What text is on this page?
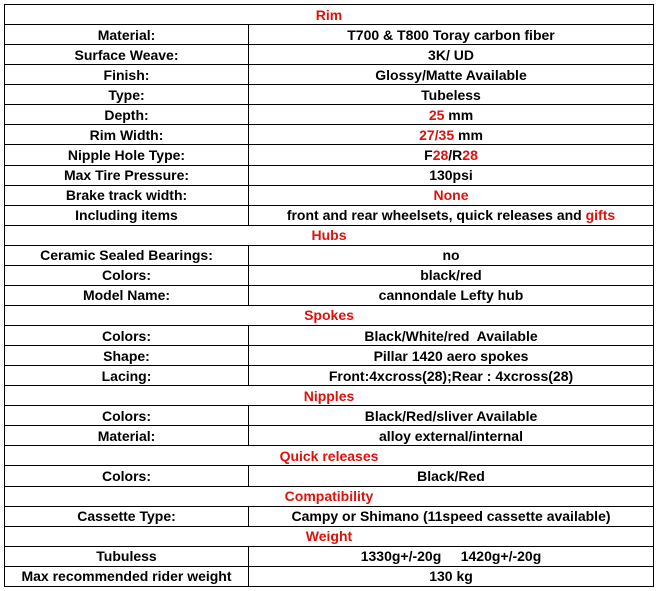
Rim	
Material:	T700 & T800 Toray carbon fiber
Surface Weave:	3K/ UD
Finish:	Glossy/Matte Available
Type:	Tubeless
Depth:	25 mm
Rim Width:	27/35 mm
Nipple Hole Type:	F28/R28
Max Tire Pressure:	130psi
Brake track width:	None
Including items	front and rear wheelsets, quick releases and gifts
Hubs	
Ceramic Sealed Bearings:	no
Colors:	black/red
Model Name:	cannondale Lefty hub
Spokes	
Colors:	Black/White/red  Available
Shape:	Pillar 1420 aero spokes
Lacing:	Front:4xcross(28);Rear : 4xcross(28)
Nipples	
Colors:	Black/Red/sliver Available
Material:	alloy external/internal
Quick releases	
Colors:	Black/Red
Compatibility	
Cassette Type:	Campy or Shimano (11speed cassette available)
Weight	
Tubuless	1330g+/-20g     1420g+/-20g
Max recommended rider weight	130 kg
